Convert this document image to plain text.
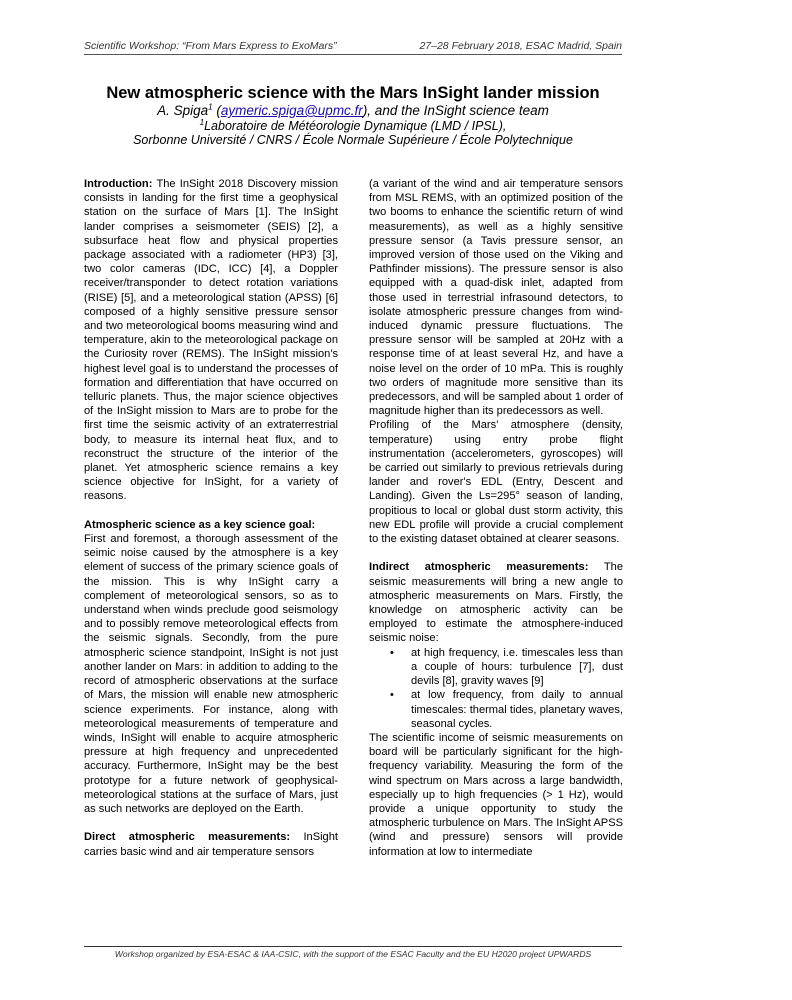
Scientific Workshop: “From Mars Express to ExoMars”	27–28 February 2018, ESAC Madrid, Spain
New atmospheric science with the Mars InSight lander mission
A. Spiga$^1$ (aymeric.spiga@upmc.fr), and the InSight science team
$^1$Laboratoire de Météorologie Dynamique (LMD / IPSL),
Sorbonne Université / CNRS / École Normale Supérieure / École Polytechnique

Introduction: The InSight 2018 Discovery mission consists in landing for the first time a geophysical station on the surface of Mars [1]. The InSight lander comprises a seismometer (SEIS) [2], a subsurface heat flow and physical properties package associated with a radiometer (HP3) [3], two color cameras (IDC, ICC) [4], a Doppler receiver/transponder to detect rotation variations (RISE) [5], and a meteorological station (APSS) [6] composed of a highly sensitive pressure sensor and two meteorological booms measuring wind and temperature, akin to the meteorological package on the Curiosity rover (REMS). The InSight mission's highest level goal is to understand the processes of formation and differentiation that have occurred on telluric planets. Thus, the major science objectives of the InSight mission to Mars are to probe for the first time the seismic activity of an extraterrestrial body, to measure its internal heat flux, and to reconstruct the structure of the interior of the planet. Yet atmospheric science remains a key science objective for InSight, for a variety of reasons.

Atmospheric science as a key science goal:

First and foremost, a thorough assessment of the seimic noise caused by the atmosphere is a key element of success of the primary science goals of the mission. This is why InSight carry a complement of meteorological sensors, so as to understand when winds preclude good seismology and to possibly remove meteorological effects from the seismic signals. Secondly, from the pure atmospheric science standpoint, InSight is not just another lander on Mars: in addition to adding to the record of atmospheric observations at the surface of Mars, the mission will enable new atmospheric science experiments. For instance, along with meteorological measurements of temperature and winds, InSight will enable to acquire atmospheric pressure at high frequency and unprecedented accuracy. Furthermore, InSight may be the best prototype for a future network of geophysical-meteorological stations at the surface of Mars, just as such networks are deployed on the Earth.

Direct atmospheric measurements: InSight carries basic wind and air temperature sensors

(a variant of the wind and air temperature sensors from MSL REMS, with an optimized position of the two booms to enhance the scientific return of wind measurements), as well as a highly sensitive pressure sensor (a Tavis pressure sensor, an improved version of those used on the Viking and Pathfinder missions). The pressure sensor is also equipped with a quad-disk inlet, adapted from those used in terrestrial infrasound detectors, to isolate atmospheric pressure changes from wind-induced dynamic pressure fluctuations. The pressure sensor will be sampled at 20Hz with a response time of at least several Hz, and have a noise level on the order of 10 mPa. This is roughly two orders of magnitude more sensitive than its predecessors, and will be sampled about 1 order of magnitude higher than its predecessors as well.

Profiling of the Mars’ atmosphere (density, temperature) using entry probe flight instrumentation (accelerometers, gyroscopes) will be carried out similarly to previous retrievals during lander and rover's EDL (Entry, Descent and Landing). Given the Ls=295° season of landing, propitious to local or global dust storm activity, this new EDL profile will provide a crucial complement to the existing dataset obtained at clearer seasons.

Indirect atmospheric measurements: The seismic measurements will bring a new angle to atmospheric measurements on Mars. Firstly, the knowledge on atmospheric activity can be employed to estimate the atmosphere-induced seismic noise:

• at high frequency, i.e. timescales less than a couple of hours: turbulence [7], dust devils [8], gravity waves [9]
• at low frequency, from daily to annual timescales: thermal tides, planetary waves, seasonal cycles.

The scientific income of seismic measurements on board will be particularly significant for the high-frequency variability. Measuring the form of the wind spectrum on Mars across a large bandwidth, especially up to high frequencies (> 1 Hz), would provide a unique opportunity to study the atmospheric turbulence on Mars. The InSight APSS (wind and pressure) sensors will provide information at low to intermediate

Workshop organized by ESA-ESAC & IAA-CSIC, with the support of the ESAC Faculty and the EU H2020 project UPWARDS
